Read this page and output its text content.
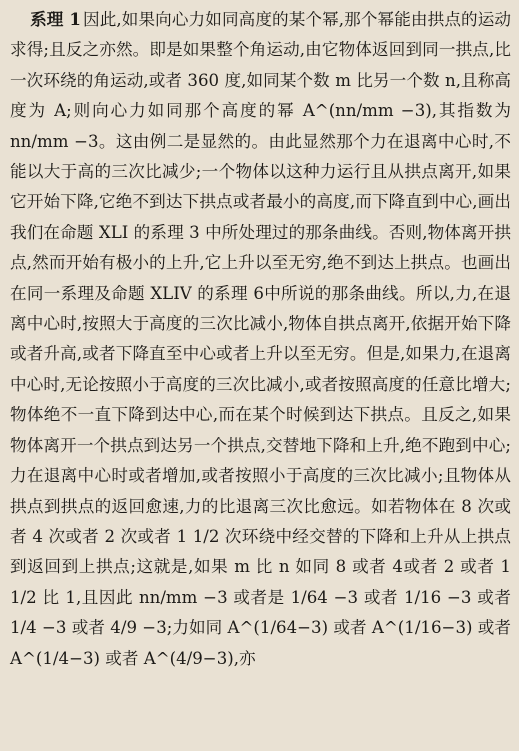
系理 1 因此,如果向心力如同高度的某个幂,那个幂能由拱点的运动求得;且反之亦然。即是如果整个角运动,由它物体返回到同一拱点,比一次环绕的角运动,或者 360 度,如同某个数 m 比另一个数 n,且称高度为 A;则向心力如同那个高度的幂 A^(nn/mm −3),其指数为 nn/mm −3。这由例二是显然的。由此显然那个力在退离中心时,不能以大于高的三次比减少;一个物体以这种力运行且从拱点离开,如果它开始下降,它绝不到达下拱点或者最小的高度,而下降直到中心,画出我们在命题 XLI 的系理 3 中所处理过的那条曲线。否则,物体离开拱点,然而开始有极小的上升,它上升以至无穷,绝不到达上拱点。也画出在同一系理及命题 XLIV 的系理 6中所说的那条曲线。所以,力,在退离中心时,按照大于高度的三次比减小,物体自拱点离开,依据开始下降或者升高,或者下降直至中心或者上升以至无穷。但是,如果力,在退离中心时,无论按照小于高度的三次比减小,或者按照高度的任意比增大;物体绝不一直下降到达中心,而在某个时候到达下拱点。且反之,如果物体离开一个拱点到达另一个拱点,交替地下降和上升,绝不跑到中心;力在退离中心时或者增加,或者按照小于高度的三次比减小;且物体从拱点到拱点的返回愈速,力的比退离三次比愈远。如若物体在 8 次或者 4 次或者 2 次或者 1 1/2 次环绕中经交替的下降和上升从上拱点到返回到上拱点;这就是,如果 m 比 n 如同 8 或者 4或者 2 或者 1 1/2 比 1,且因此 nn/mm −3 或者是 1/64 −3 或者 1/16 −3 或者1/4 −3 或者 4/9 −3;力如同 A^(1/64−3) 或者 A^(1/16−3) 或者 A^(1/4−3) 或者 A^(4/9−3),亦
